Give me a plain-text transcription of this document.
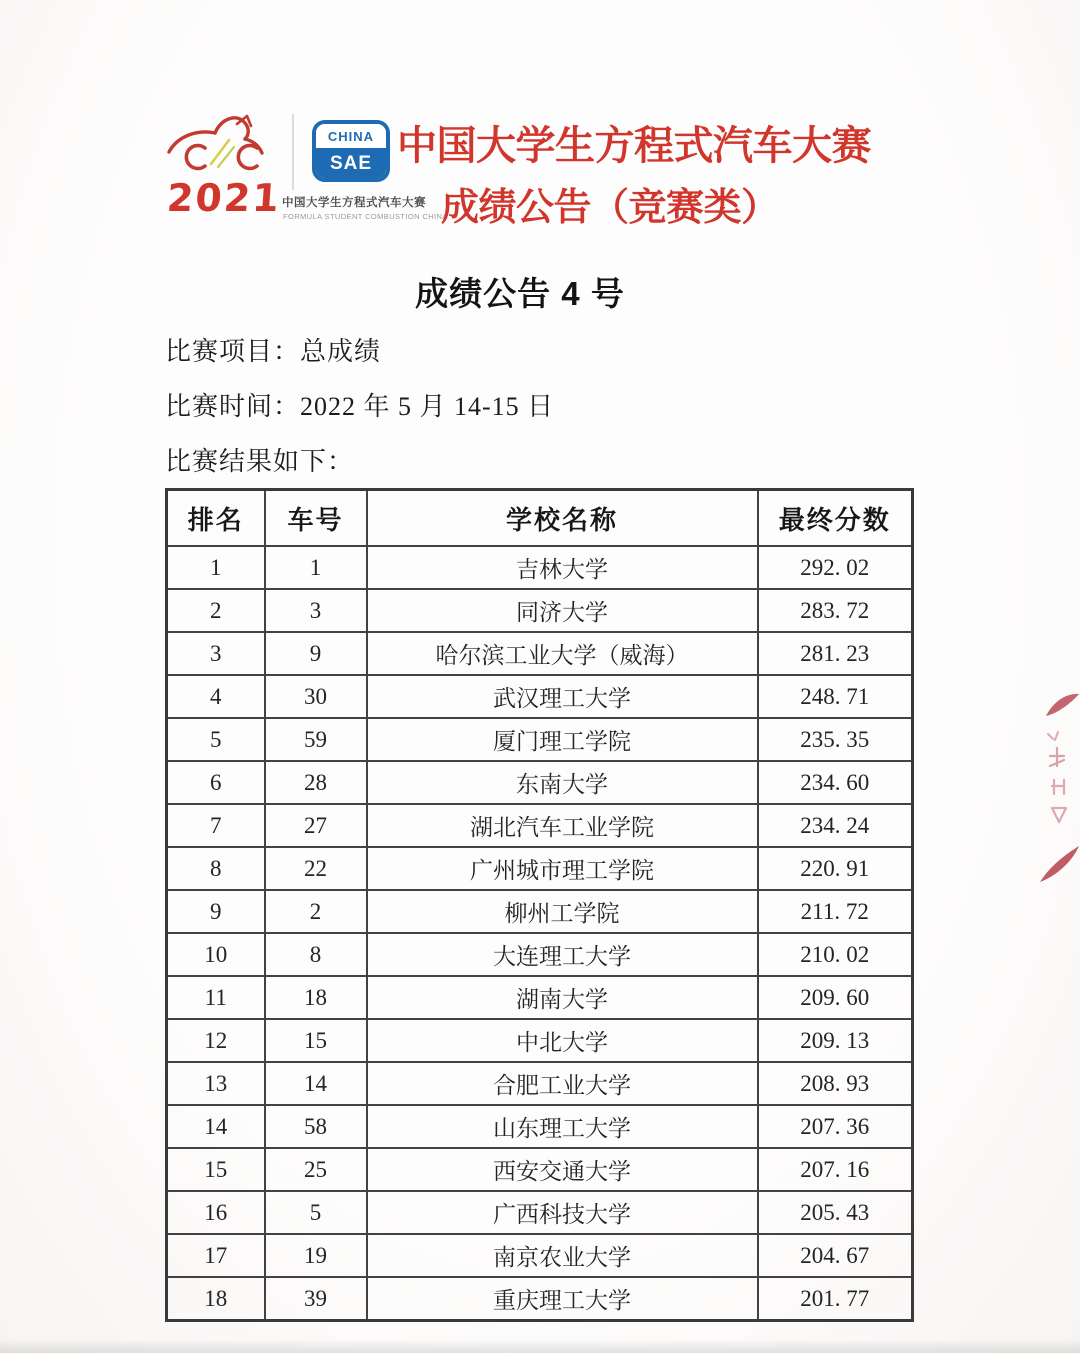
2021
CHINA
SAE
中国大学生方程式汽车大赛
FORMULA STUDENT COMBUSTION CHINA
中国大学生方程式汽车大赛
成绩公告（竞赛类）
成绩公告 4 号
比赛项目：总成绩
比赛时间：2022 年 5 月 14-15 日
比赛结果如下：
排名	车号	学校名称	最终分数
1	1	吉林大学	292. 02
2	3	同济大学	283. 72
3	9	哈尔滨工业大学（威海）	281. 23
4	30	武汉理工大学	248. 71
5	59	厦门理工学院	235. 35
6	28	东南大学	234. 60
7	27	湖北汽车工业学院	234. 24
8	22	广州城市理工学院	220. 91
9	2	柳州工学院	211. 72
10	8	大连理工大学	210. 02
11	18	湖南大学	209. 60
12	15	中北大学	209. 13
13	14	合肥工业大学	208. 93
14	58	山东理工大学	207. 36
15	25	西安交通大学	207. 16
16	5	广西科技大学	205. 43
17	19	南京农业大学	204. 67
18	39	重庆理工大学	201. 77
